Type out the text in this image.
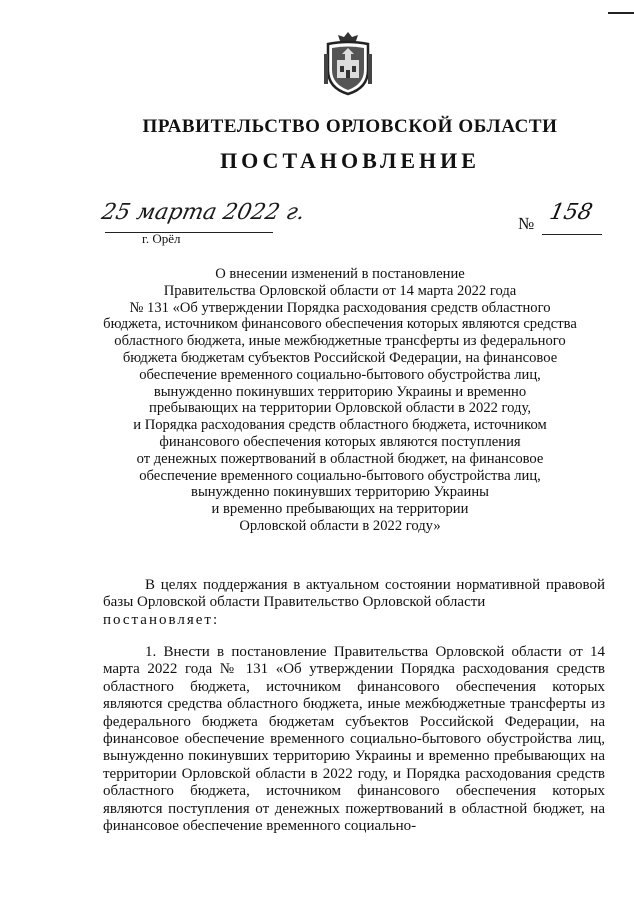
ПРАВИТЕЛЬСТВО ОРЛОВСКОЙ ОБЛАСТИ
ПОСТАНОВЛЕНИЕ
25 марта 2022 г.
г. Орёл
№ 158
О внесении изменений в постановление
Правительства Орловской области от 14 марта 2022 года
№ 131 «Об утверждении Порядка расходования средств областного
бюджета, источником финансового обеспечения которых являются средства
областного бюджета, иные межбюджетные трансферты из федерального
бюджета бюджетам субъектов Российской Федерации, на финансовое
обеспечение временного социально-бытового обустройства лиц,
вынужденно покинувших территорию Украины и временно
пребывающих на территории Орловской области в 2022 году,
и Порядка расходования средств областного бюджета, источником
финансового обеспечения которых являются поступления
от денежных пожертвований в областной бюджет, на финансовое
обеспечение временного социально-бытового обустройства лиц,
вынужденно покинувших территорию Украины
и временно пребывающих на территории
Орловской области в 2022 году»
В целях поддержания в актуальном состоянии нормативной правовой базы Орловской области Правительство Орловской области
постановляет:
1. Внести в постановление Правительства Орловской области от 14 марта 2022 года № 131 «Об утверждении Порядка расходования средств областного бюджета, источником финансового обеспечения которых являются средства областного бюджета, иные межбюджетные трансферты из федерального бюджета бюджетам субъектов Российской Федерации, на финансовое обеспечение временного социально-бытового обустройства лиц, вынужденно покинувших территорию Украины и временно пребывающих на территории Орловской области в 2022 году, и Порядка расходования средств областного бюджета, источником финансового обеспечения которых являются поступления от денежных пожертвований в областной бюджет, на финансовое обеспечение временного социально-
